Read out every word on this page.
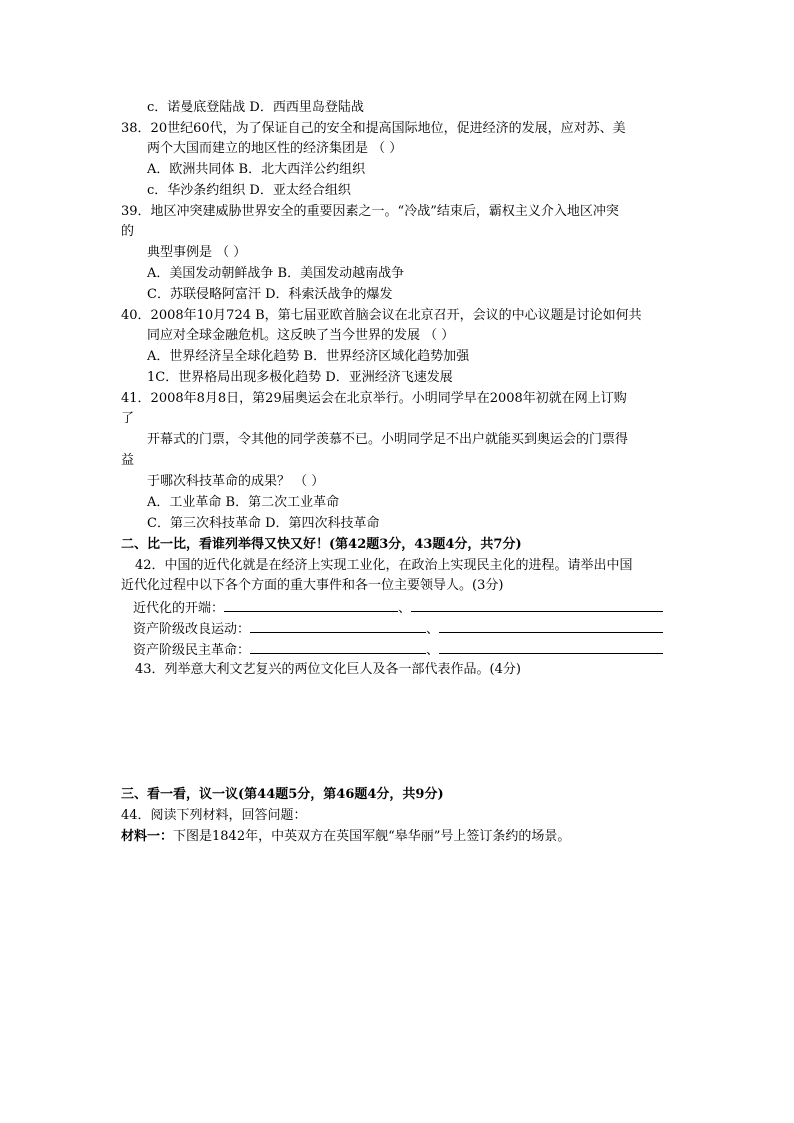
c．诺曼底登陆战 D．西西里岛登陆战
38．20世纪60代，为了保证自己的安全和提高国际地位，促进经济的发展，应对苏、美
两个大国而建立的地区性的经济集团是 （ ）
A．欧洲共同体 B．北大西洋公约组织
c．华沙条约组织 D．亚太经合组织
39．地区冲突建威胁世界安全的重要因素之一。“冷战”结束后，霸权主义介入地区冲突
的
典型事例是 （ ）
A．美国发动朝鲜战争 B．美国发动越南战争
C．苏联侵略阿富汗 D．科索沃战争的爆发
40．2008年10月724 B，第七届亚欧首脑会议在北京召开，会议的中心议题是讨论如何共
同应对全球金融危机。这反映了当今世界的发展 （ ）
A．世界经济呈全球化趋势 B．世界经济区域化趋势加强
1C．世界格局出现多极化趋势 D．亚洲经济飞速发展
41．2008年8月8日，第29届奥运会在北京举行。小明同学早在2008年初就在网上订购
了
开幕式的门票，令其他的同学羡慕不已。小明同学足不出户就能买到奥运会的门票得
益
于哪次科技革命的成果？ （ ）
A．工业革命 B．第二次工业革命
C．第三次科技革命 D．第四次科技革命
二、比一比，看谁列举得又快又好！(第42题3分，43题4分，共7分)
42．中国的近代化就是在经济上实现工业化，在政治上实现民主化的进程。请举出中国
近代化过程中以下各个方面的重大事件和各一位主要领导人。(3分)
近代化的开端：	、
资产阶级改良运动：	、
资产阶级民主革命：	、
43．列举意大利文艺复兴的两位文化巨人及各一部代表作品。(4分)
三、看一看，议一议(第44题5分，第46题4分，共9分)
44．阅读下列材料，回答问题：
材料一：下图是1842年，中英双方在英国军舰“皋华丽”号上签订条约的场景。
